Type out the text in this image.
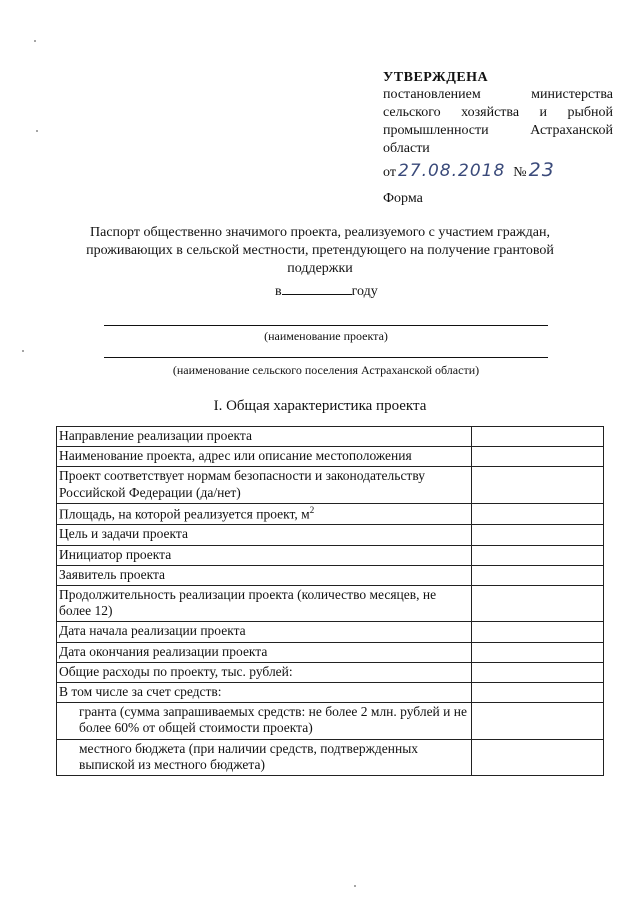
УТВЕРЖДЕНА
постановлением министерства
сельского хозяйства и рыбной
промышленности Астраханской
области
от 27.08.2018 № 23
Форма
Паспорт общественно значимого проекта, реализуемого с участием граждан,
проживающих в сельской местности, претендующего на получение грантовой
поддержки
в	году
(наименование проекта)
(наименование сельского поселения Астраханской области)
I. Общая характеристика проекта
Направление реализации проекта	
Наименование проекта, адрес или описание местоположения	
Проект соответствует нормам безопасности и законодательству Российской Федерации (да/нет)	
Площадь, на которой реализуется проект, $м^2$	
Цель и задачи проекта	
Инициатор проекта	
Заявитель проекта	
Продолжительность реализации проекта (количество месяцев, не более 12)	
Дата начала реализации проекта	
Дата окончания реализации проекта	
Общие расходы по проекту, тыс. рублей:	
В том числе за счет средств:	
гранта (сумма запрашиваемых средств: не более 2 млн. рублей и не более 60% от общей стоимости проекта)	
местного бюджета (при наличии средств, подтвержденных выпиской из местного бюджета)	
